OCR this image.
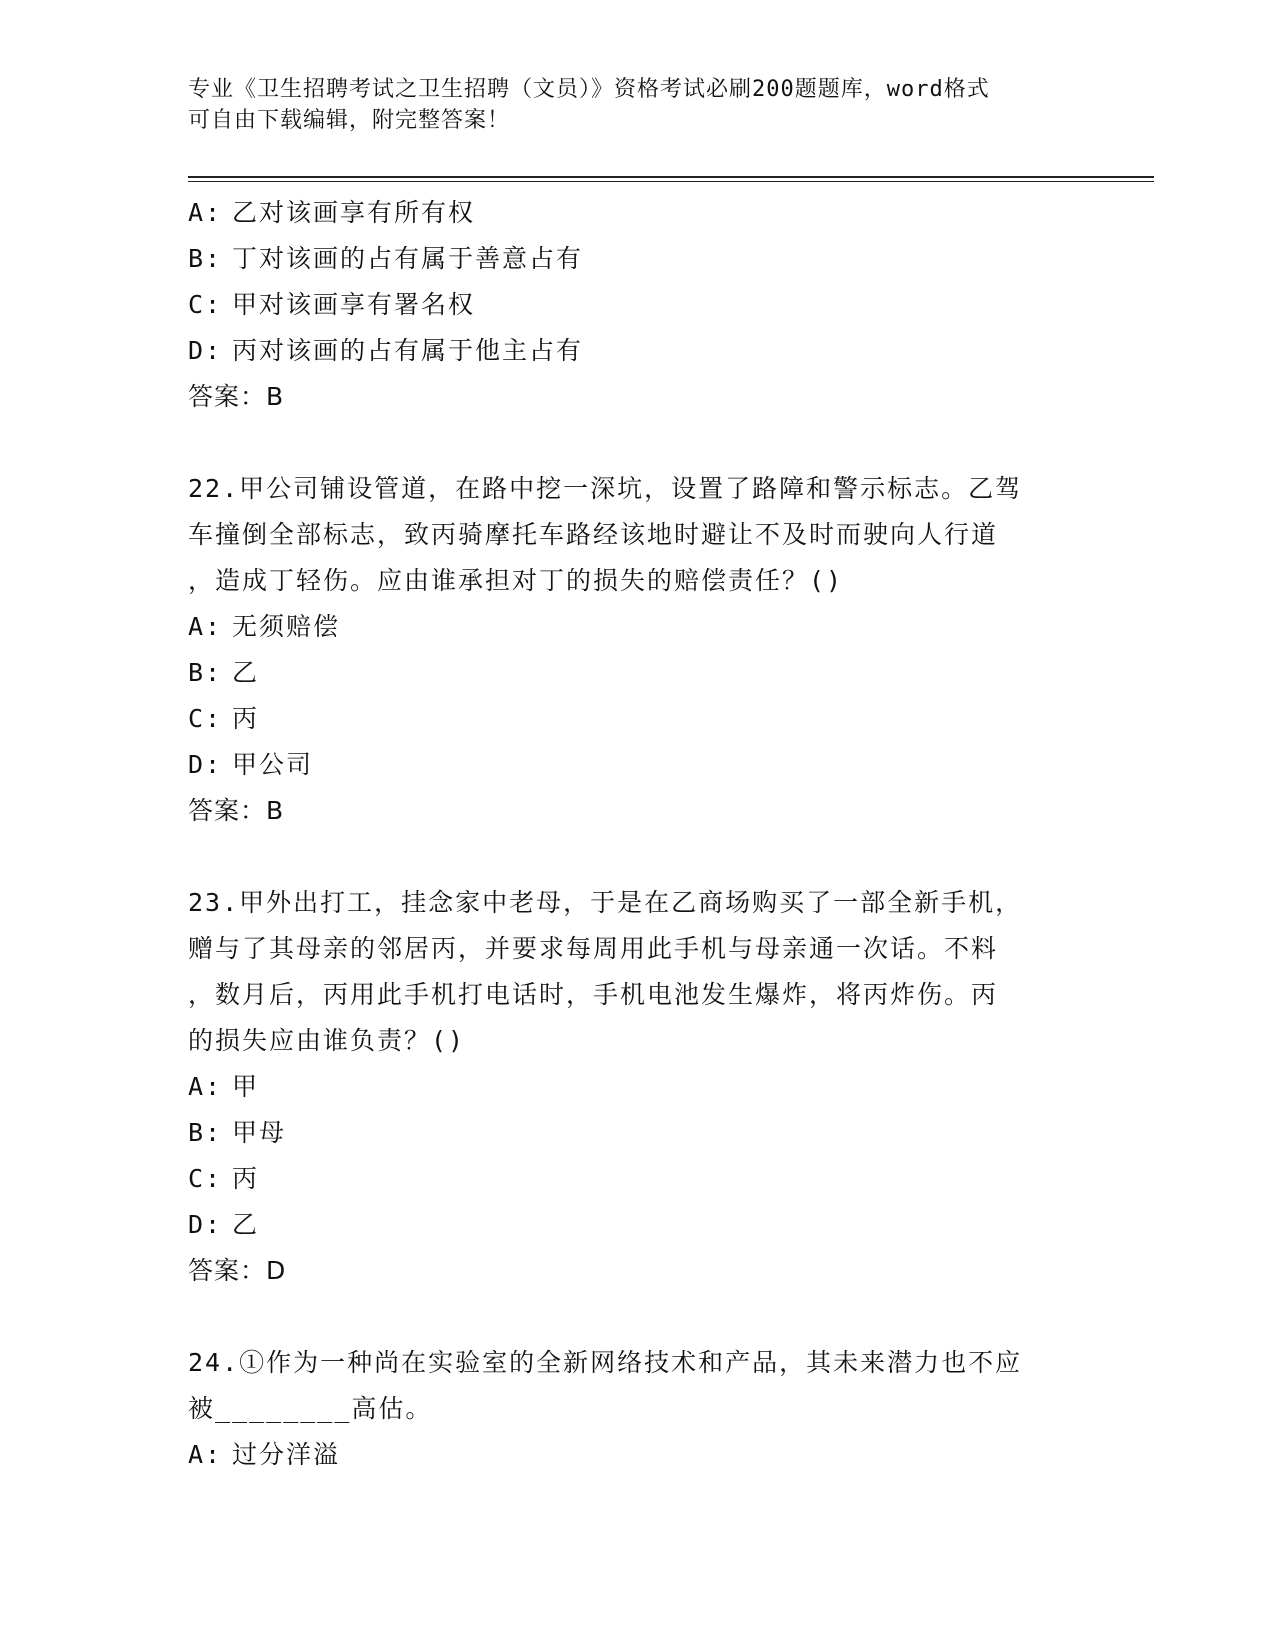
专业《卫生招聘考试之卫生招聘（文员）》资格考试必刷200题题库，word格式
可自由下载编辑，附完整答案！
A: 乙对该画享有所有权
B: 丁对该画的占有属于善意占有
C: 甲对该画享有署名权
D: 丙对该画的占有属于他主占有
答案：B
22.甲公司铺设管道，在路中挖一深坑，设置了路障和警示标志。乙驾
车撞倒全部标志，致丙骑摩托车路经该地时避让不及时而驶向人行道
，造成丁轻伤。应由谁承担对丁的损失的赔偿责任？()
A: 无须赔偿
B: 乙
C: 丙
D: 甲公司
答案：B
23.甲外出打工，挂念家中老母，于是在乙商场购买了一部全新手机，
赠与了其母亲的邻居丙，并要求每周用此手机与母亲通一次话。不料
，数月后，丙用此手机打电话时，手机电池发生爆炸，将丙炸伤。丙
的损失应由谁负责？()
A: 甲
B: 甲母
C: 丙
D: 乙
答案：D
24.①作为一种尚在实验室的全新网络技术和产品，其未来潜力也不应
被________高估。
A: 过分洋溢
